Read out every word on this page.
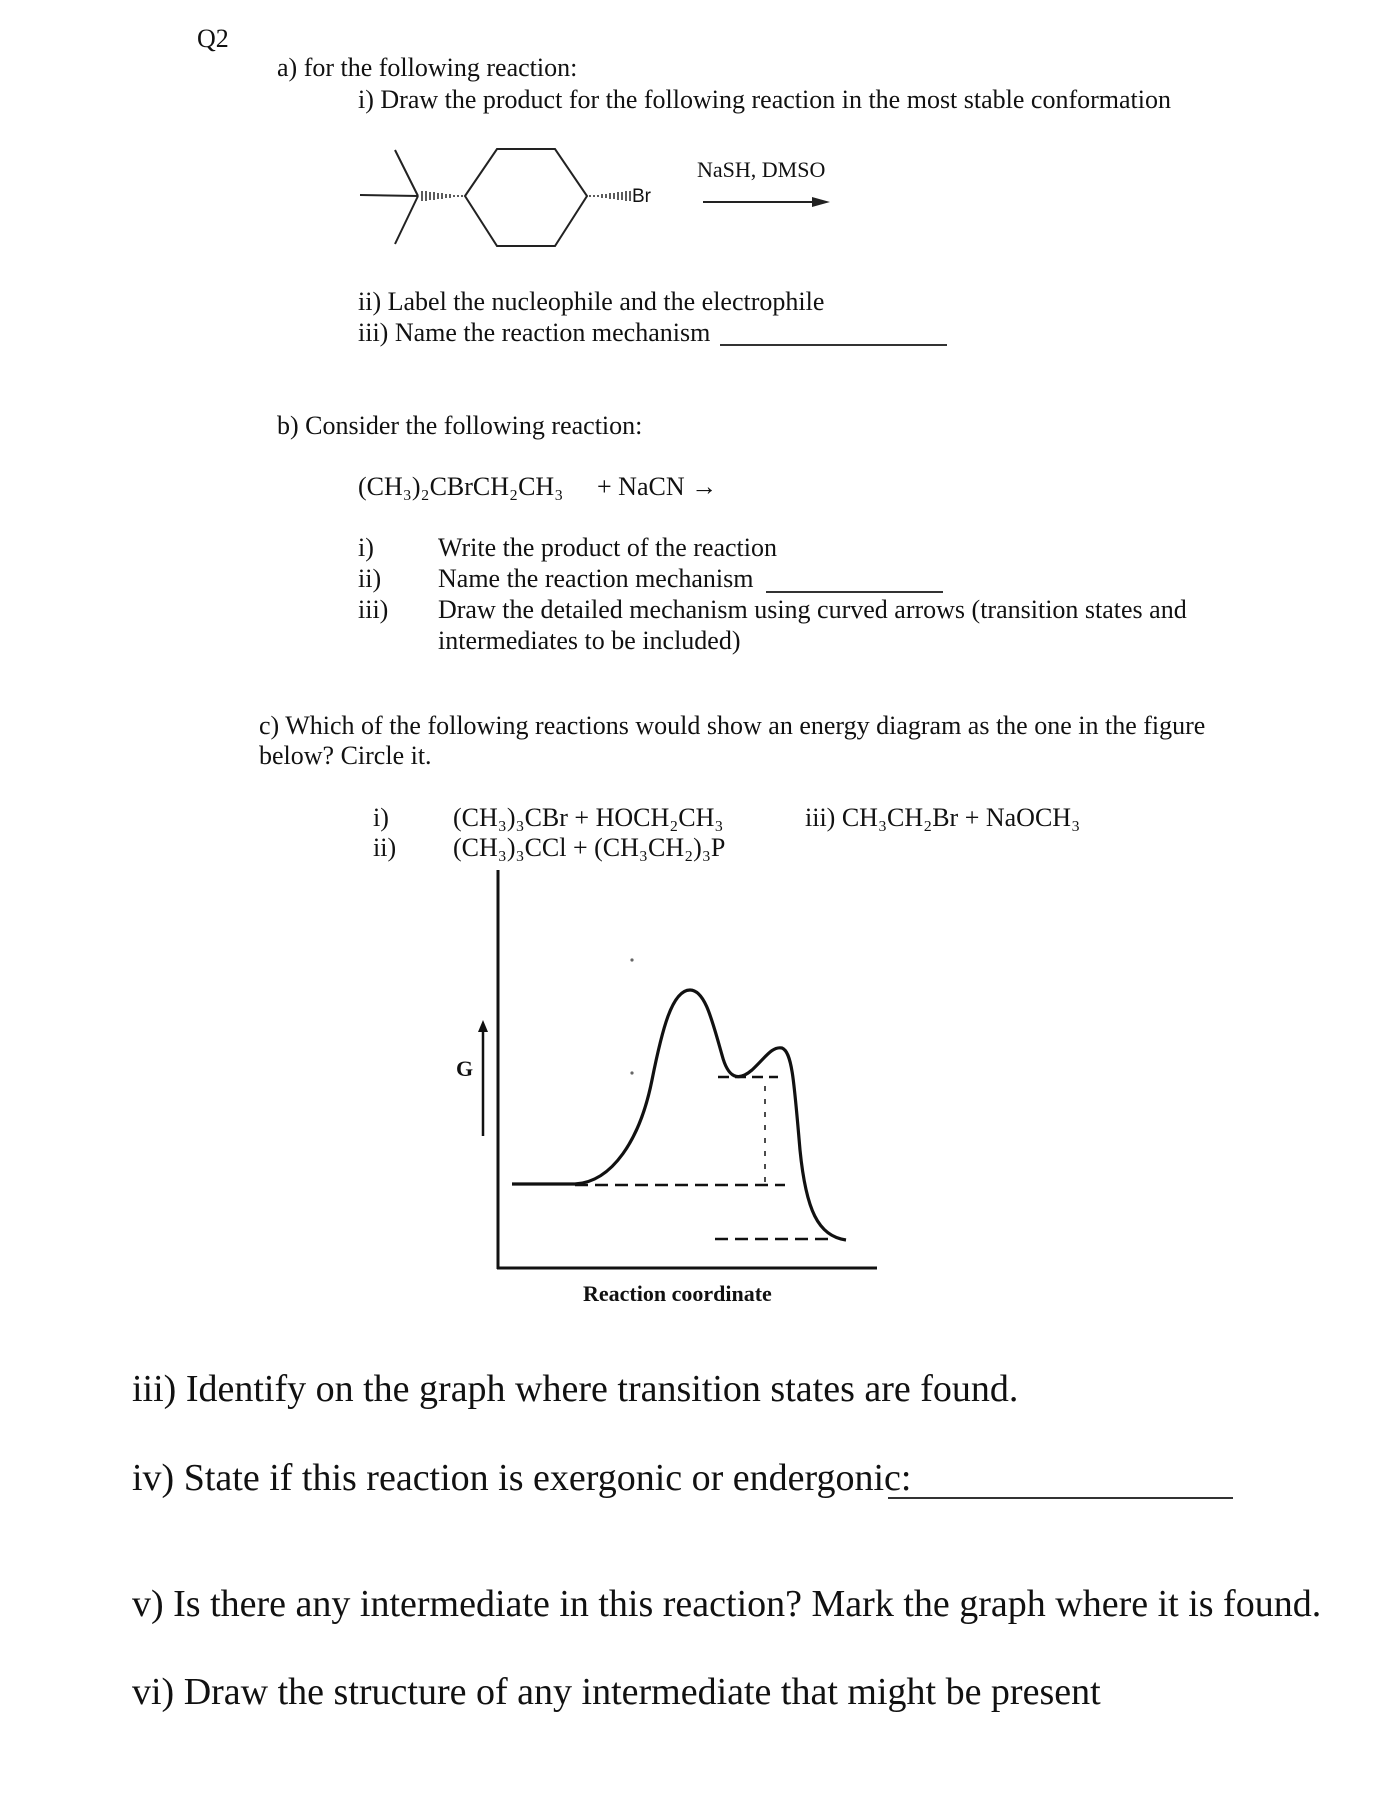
Q2
a) for the following reaction:
i) Draw the product for the following reaction in the most stable conformation
Br
NaSH, DMSO
ii) Label the nucleophile and the electrophile
iii) Name the reaction mechanism
b) Consider the following reaction:
(CH₃)₂CBrCH₂CH₃ + NaCN →
i) Write the product of the reaction
ii) Name the reaction mechanism
iii) Draw the detailed mechanism using curved arrows (transition states and
intermediates to be included)
c) Which of the following reactions would show an energy diagram as the one in the figure
below? Circle it.
i) (CH₃)₃CBr + HOCH₂CH₃
ii) (CH₃)₃CCl + (CH₃CH₂)₃P
iii) CH₃CH₂Br + NaOCH₃
G
Reaction coordinate
iii) Identify on the graph where transition states are found.
iv) State if this reaction is exergonic or endergonic:
v) Is there any intermediate in this reaction? Mark the graph where it is found.
vi) Draw the structure of any intermediate that might be present
